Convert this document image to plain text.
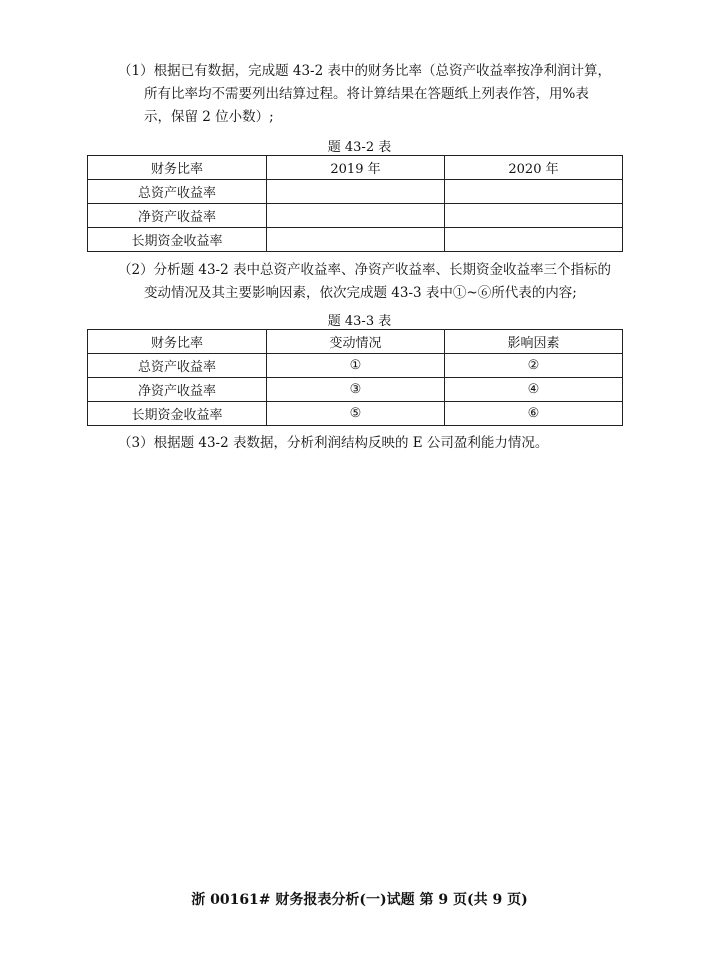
（1）根据已有数据，完成题 43-2 表中的财务比率（总资产收益率按净利润计算，
所有比率均不需要列出结算过程。将计算结果在答题纸上列表作答，用%表
示，保留 2 位小数）;

题 43-2 表

财务比率	2019 年	2020 年
总资产收益率		
净资产收益率		
长期资金收益率		
（2）分析题 43-2 表中总资产收益率、净资产收益率、长期资金收益率三个指标的
变动情况及其主要影响因素，依次完成题 43-3 表中①~⑥所代表的内容;

题 43-3 表

财务比率	变动情况	影响因素
总资产收益率	①	②
净资产收益率	③	④
长期资金收益率	⑤	⑥
（3）根据题 43-2 表数据，分析利润结构反映的 E 公司盈利能力情况。
浙 00161# 财务报表分析(一)试题 第 9 页(共 9 页)
